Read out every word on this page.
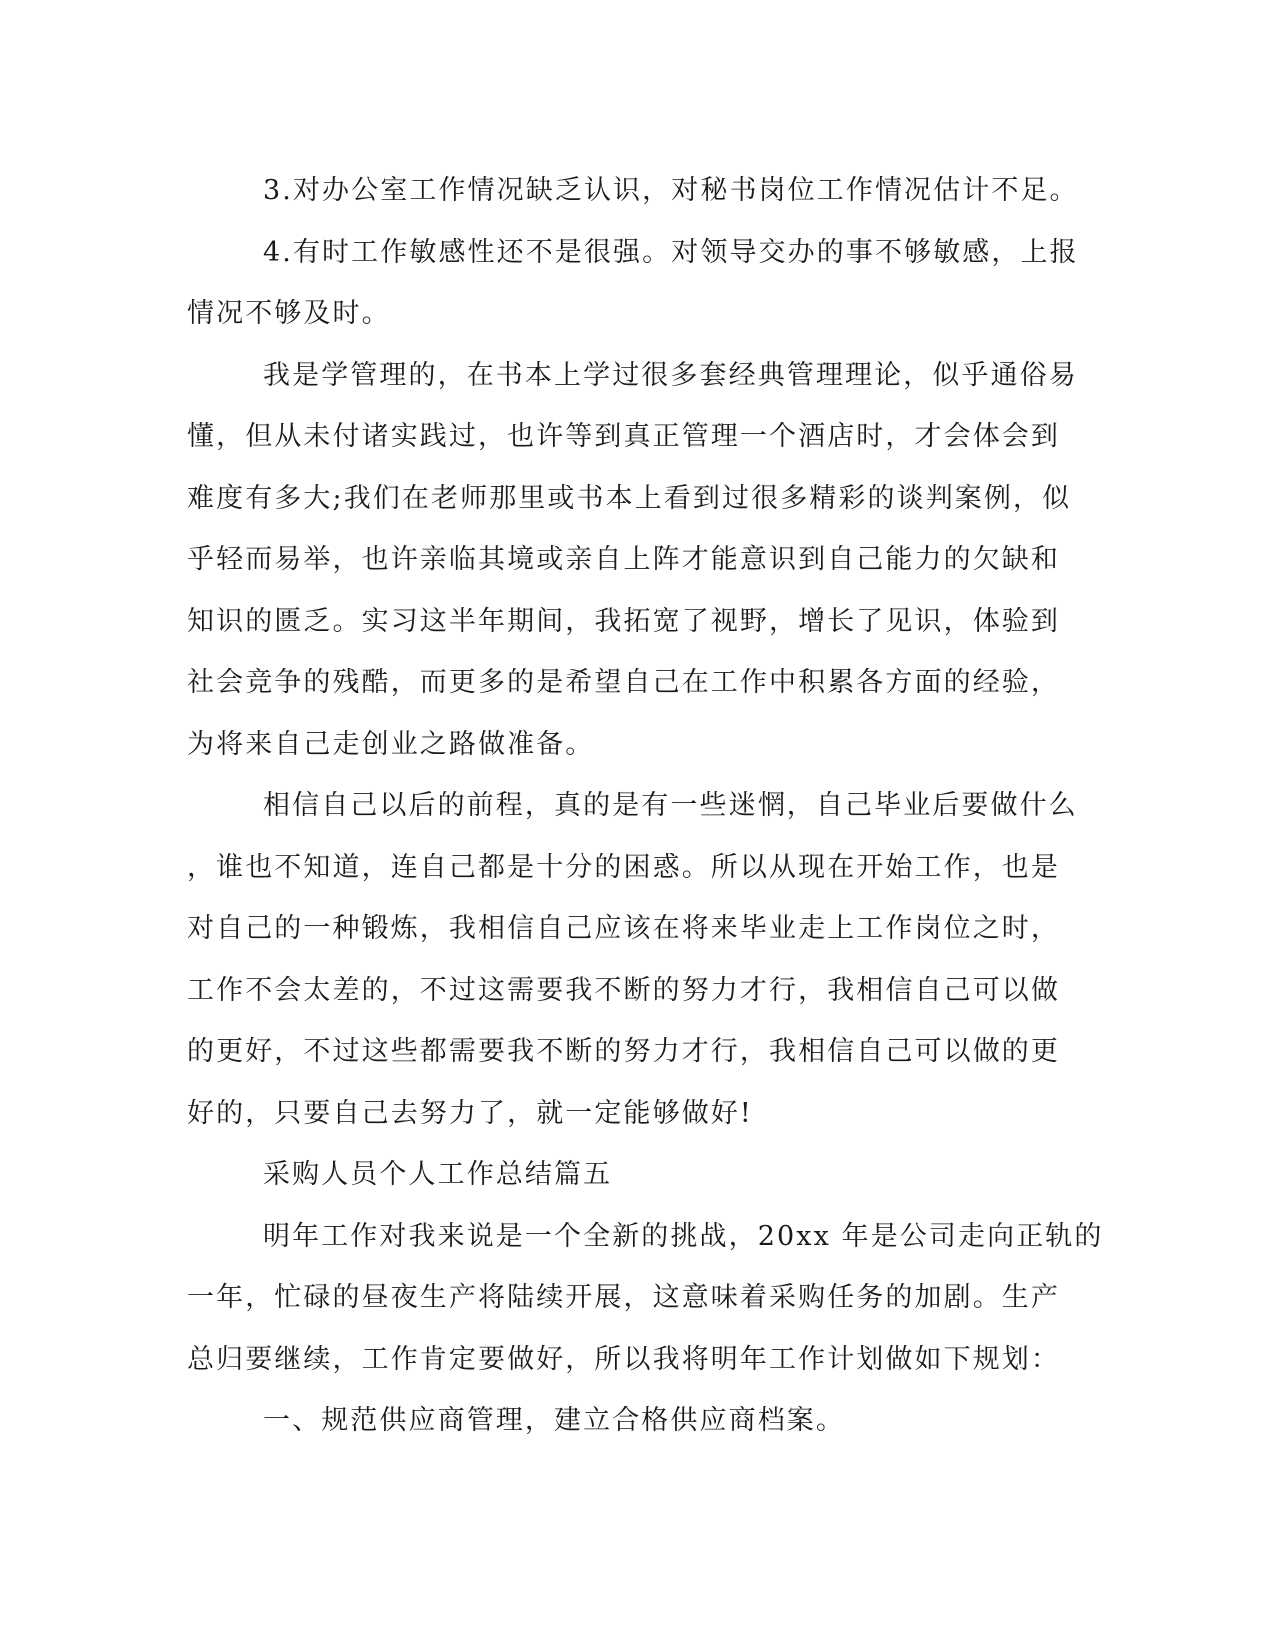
3.对办公室工作情况缺乏认识，对秘书岗位工作情况估计不足。

4.有时工作敏感性还不是很强。对领导交办的事不够敏感，上报
情况不够及时。

我是学管理的，在书本上学过很多套经典管理理论，似乎通俗易
懂，但从未付诸实践过，也许等到真正管理一个酒店时，才会体会到
难度有多大;我们在老师那里或书本上看到过很多精彩的谈判案例，似
乎轻而易举，也许亲临其境或亲自上阵才能意识到自己能力的欠缺和
知识的匮乏。实习这半年期间，我拓宽了视野，增长了见识，体验到
社会竞争的残酷，而更多的是希望自己在工作中积累各方面的经验，
为将来自己走创业之路做准备。

相信自己以后的前程，真的是有一些迷惘，自己毕业后要做什么
，谁也不知道，连自己都是十分的困惑。所以从现在开始工作，也是
对自己的一种锻炼，我相信自己应该在将来毕业走上工作岗位之时，
工作不会太差的，不过这需要我不断的努力才行，我相信自己可以做
的更好，不过这些都需要我不断的努力才行，我相信自己可以做的更
好的，只要自己去努力了，就一定能够做好!

采购人员个人工作总结篇五

明年工作对我来说是一个全新的挑战，20xx 年是公司走向正轨的
一年，忙碌的昼夜生产将陆续开展，这意味着采购任务的加剧。生产
总归要继续，工作肯定要做好，所以我将明年工作计划做如下规划：

一、规范供应商管理，建立合格供应商档案。
